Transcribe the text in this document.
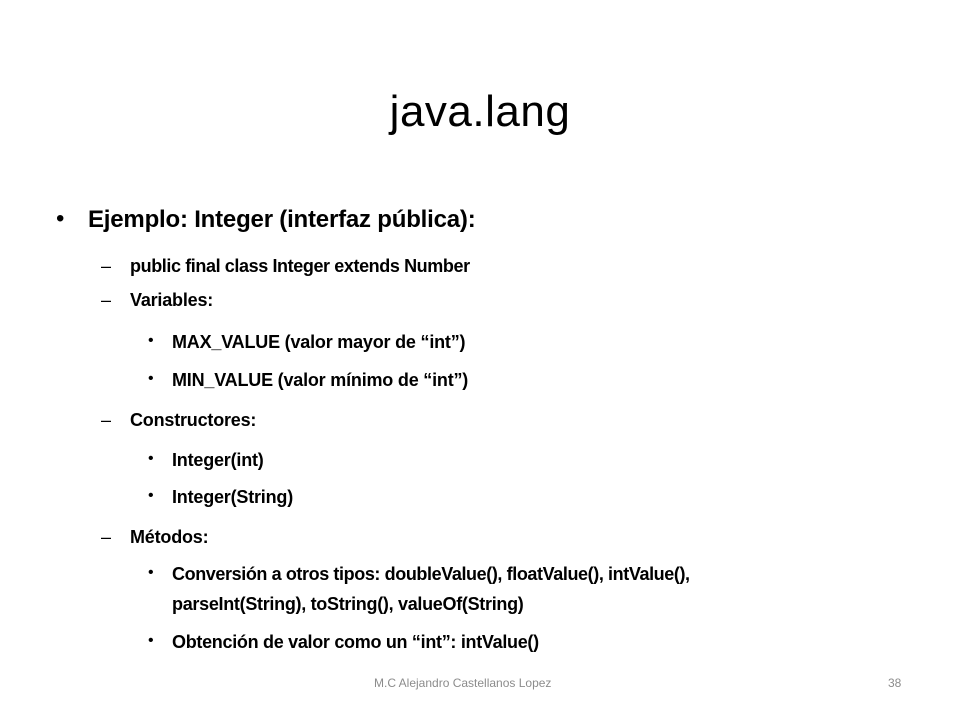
java.lang
• Ejemplo: Integer (interfaz pública):
– public final class Integer extends Number
– Variables:
• MAX_VALUE (valor mayor de “int”)
• MIN_VALUE (valor mínimo de “int”)
– Constructores:
• Integer(int)
• Integer(String)
– Métodos:
• Conversión a otros tipos: doubleValue(), floatValue(), intValue(),
parseInt(String), toString(), valueOf(String)
• Obtención de valor como un “int”: intValue()
M.C Alejandro Castellanos Lopez	38
